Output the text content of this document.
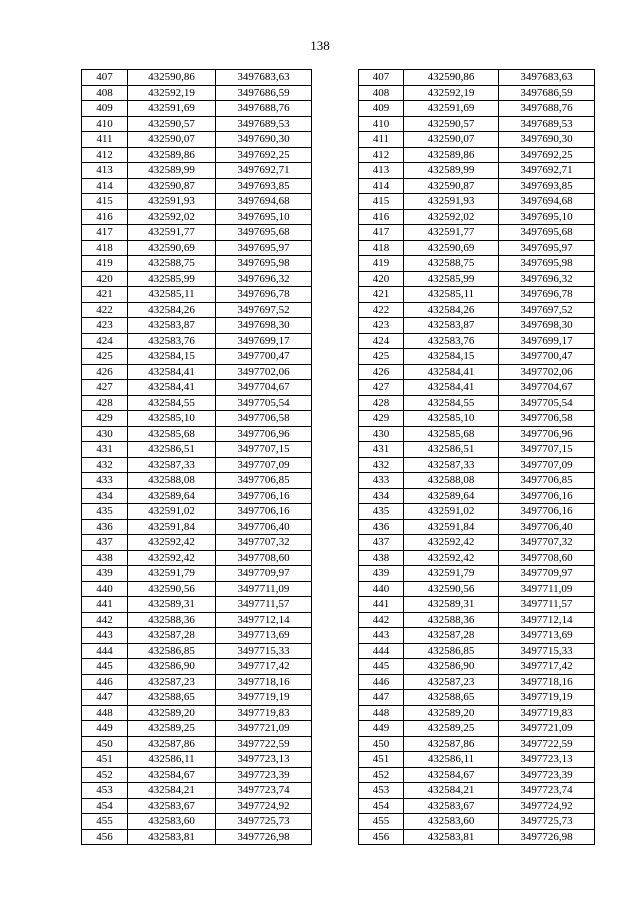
138
407	432590,86	3497683,63		407	432590,86	3497683,63
408	432592,19	3497686,59		408	432592,19	3497686,59
409	432591,69	3497688,76		409	432591,69	3497688,76
410	432590,57	3497689,53		410	432590,57	3497689,53
411	432590,07	3497690,30		411	432590,07	3497690,30
412	432589,86	3497692,25		412	432589,86	3497692,25
413	432589,99	3497692,71		413	432589,99	3497692,71
414	432590,87	3497693,85		414	432590,87	3497693,85
415	432591,93	3497694,68		415	432591,93	3497694,68
416	432592,02	3497695,10		416	432592,02	3497695,10
417	432591,77	3497695,68		417	432591,77	3497695,68
418	432590,69	3497695,97		418	432590,69	3497695,97
419	432588,75	3497695,98		419	432588,75	3497695,98
420	432585,99	3497696,32		420	432585,99	3497696,32
421	432585,11	3497696,78		421	432585,11	3497696,78
422	432584,26	3497697,52		422	432584,26	3497697,52
423	432583,87	3497698,30		423	432583,87	3497698,30
424	432583,76	3497699,17		424	432583,76	3497699,17
425	432584,15	3497700,47		425	432584,15	3497700,47
426	432584,41	3497702,06		426	432584,41	3497702,06
427	432584,41	3497704,67		427	432584,41	3497704,67
428	432584,55	3497705,54		428	432584,55	3497705,54
429	432585,10	3497706,58		429	432585,10	3497706,58
430	432585,68	3497706,96		430	432585,68	3497706,96
431	432586,51	3497707,15		431	432586,51	3497707,15
432	432587,33	3497707,09		432	432587,33	3497707,09
433	432588,08	3497706,85		433	432588,08	3497706,85
434	432589,64	3497706,16		434	432589,64	3497706,16
435	432591,02	3497706,16		435	432591,02	3497706,16
436	432591,84	3497706,40		436	432591,84	3497706,40
437	432592,42	3497707,32		437	432592,42	3497707,32
438	432592,42	3497708,60		438	432592,42	3497708,60
439	432591,79	3497709,97		439	432591,79	3497709,97
440	432590,56	3497711,09		440	432590,56	3497711,09
441	432589,31	3497711,57		441	432589,31	3497711,57
442	432588,36	3497712,14		442	432588,36	3497712,14
443	432587,28	3497713,69		443	432587,28	3497713,69
444	432586,85	3497715,33		444	432586,85	3497715,33
445	432586,90	3497717,42		445	432586,90	3497717,42
446	432587,23	3497718,16		446	432587,23	3497718,16
447	432588,65	3497719,19		447	432588,65	3497719,19
448	432589,20	3497719,83		448	432589,20	3497719,83
449	432589,25	3497721,09		449	432589,25	3497721,09
450	432587,86	3497722,59		450	432587,86	3497722,59
451	432586,11	3497723,13		451	432586,11	3497723,13
452	432584,67	3497723,39		452	432584,67	3497723,39
453	432584,21	3497723,74		453	432584,21	3497723,74
454	432583,67	3497724,92		454	432583,67	3497724,92
455	432583,60	3497725,73		455	432583,60	3497725,73
456	432583,81	3497726,98		456	432583,81	3497726,98
